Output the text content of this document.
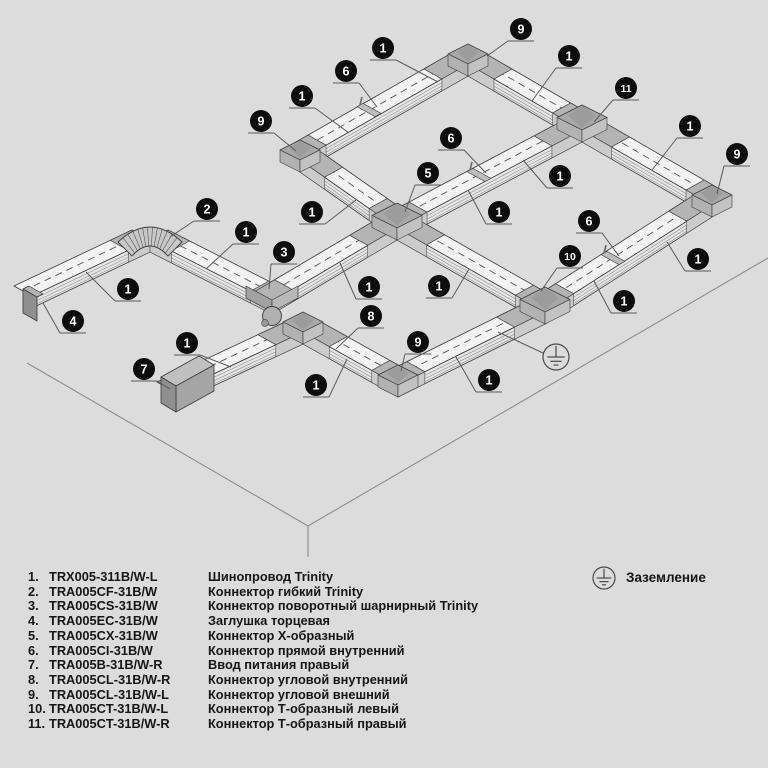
9
1
6
1
11
1
9	1
6
9
5	1
2	1	1
6
1
3	10	1
1	1	1
1
8
4
9
1
7
1	1
1. TRX005-311B/W-L	Шинопровод Trinity
2. TRA005CF-31B/W	Коннектор гибкий Trinity
3. TRA005CS-31B/W	Коннектор поворотный шарнирный Trinity
4. TRA005EC-31B/W	Заглушка торцевая
5. TRA005CX-31B/W	Коннектор X-образный
6. TRA005CI-31B/W	Коннектор прямой внутренний
7. TRA005B-31B/W-R	Ввод питания правый
8. TRA005CL-31B/W-R	Коннектор угловой внутренний
9. TRA005CL-31B/W-L	Коннектор угловой внешний
10. TRA005CT-31B/W-L	Коннектор Т-образный левый
11. TRA005CT-31B/W-R	Коннектор Т-образный правый
Заземление
